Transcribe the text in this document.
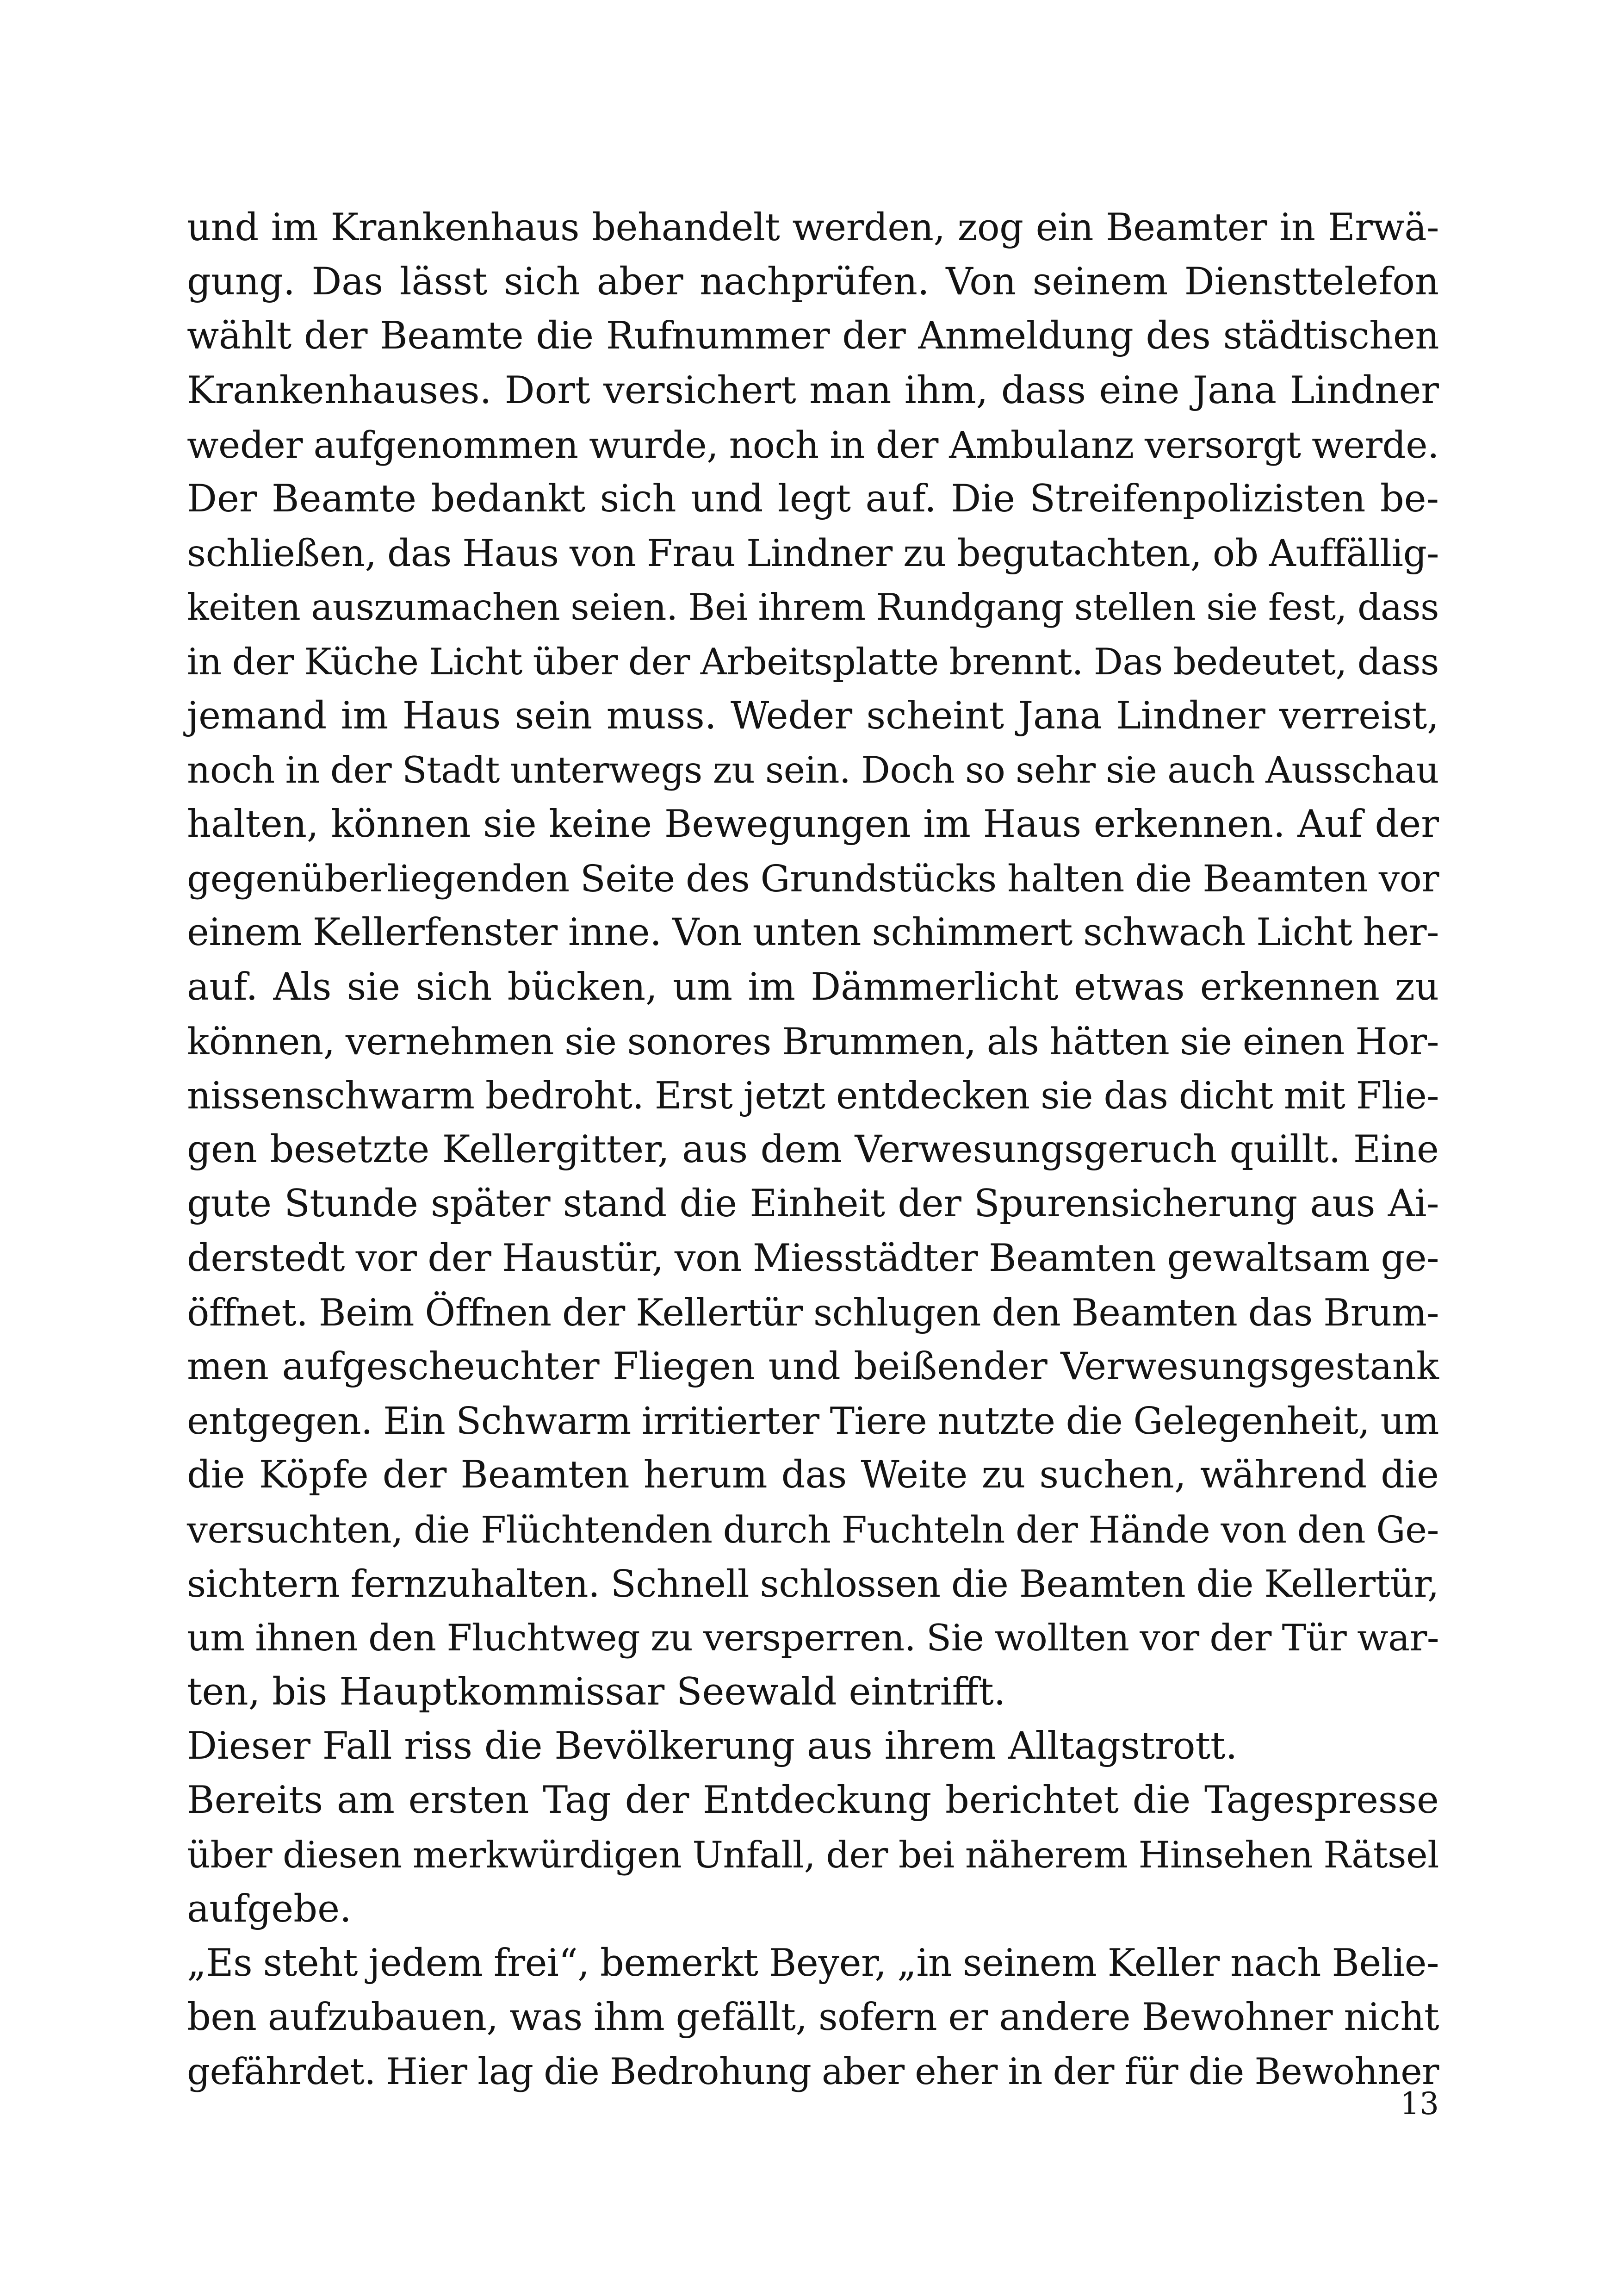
und im Krankenhaus behandelt werden, zog ein Beamter in Erwä-
gung. Das lässt sich aber nachprüfen. Von seinem Diensttelefon
wählt der Beamte die Rufnummer der Anmeldung des städtischen
Krankenhauses. Dort versichert man ihm, dass eine Jana Lindner
weder aufgenommen wurde, noch in der Ambulanz versorgt werde.
Der Beamte bedankt sich und legt auf. Die Streifenpolizisten be-
schließen, das Haus von Frau Lindner zu begutachten, ob Auffällig-
keiten auszumachen seien. Bei ihrem Rundgang stellen sie fest, dass
in der Küche Licht über der Arbeitsplatte brennt. Das bedeutet, dass
jemand im Haus sein muss. Weder scheint Jana Lindner verreist,
noch in der Stadt unterwegs zu sein. Doch so sehr sie auch Ausschau
halten, können sie keine Bewegungen im Haus erkennen. Auf der
gegenüberliegenden Seite des Grundstücks halten die Beamten vor
einem Kellerfenster inne. Von unten schimmert schwach Licht her-
auf. Als sie sich bücken, um im Dämmerlicht etwas erkennen zu
können, vernehmen sie sonores Brummen, als hätten sie einen Hor-
nissenschwarm bedroht. Erst jetzt entdecken sie das dicht mit Flie-
gen besetzte Kellergitter, aus dem Verwesungsgeruch quillt. Eine
gute Stunde später stand die Einheit der Spurensicherung aus Ai-
derstedt vor der Haustür, von Miesstädter Beamten gewaltsam ge-
öffnet. Beim Öffnen der Kellertür schlugen den Beamten das Brum-
men aufgescheuchter Fliegen und beißender Verwesungsgestank
entgegen. Ein Schwarm irritierter Tiere nutzte die Gelegenheit, um
die Köpfe der Beamten herum das Weite zu suchen, während die
versuchten, die Flüchtenden durch Fuchteln der Hände von den Ge-
sichtern fernzuhalten. Schnell schlossen die Beamten die Kellertür,
um ihnen den Fluchtweg zu versperren. Sie wollten vor der Tür war-
ten, bis Hauptkommissar Seewald eintrifft.
Dieser Fall riss die Bevölkerung aus ihrem Alltagstrott.
Bereits am ersten Tag der Entdeckung berichtet die Tagespresse
über diesen merkwürdigen Unfall, der bei näherem Hinsehen Rätsel
aufgebe.
„Es steht jedem frei“, bemerkt Beyer, „in seinem Keller nach Belie-
ben aufzubauen, was ihm gefällt, sofern er andere Bewohner nicht
gefährdet. Hier lag die Bedrohung aber eher in der für die Bewohner
13
